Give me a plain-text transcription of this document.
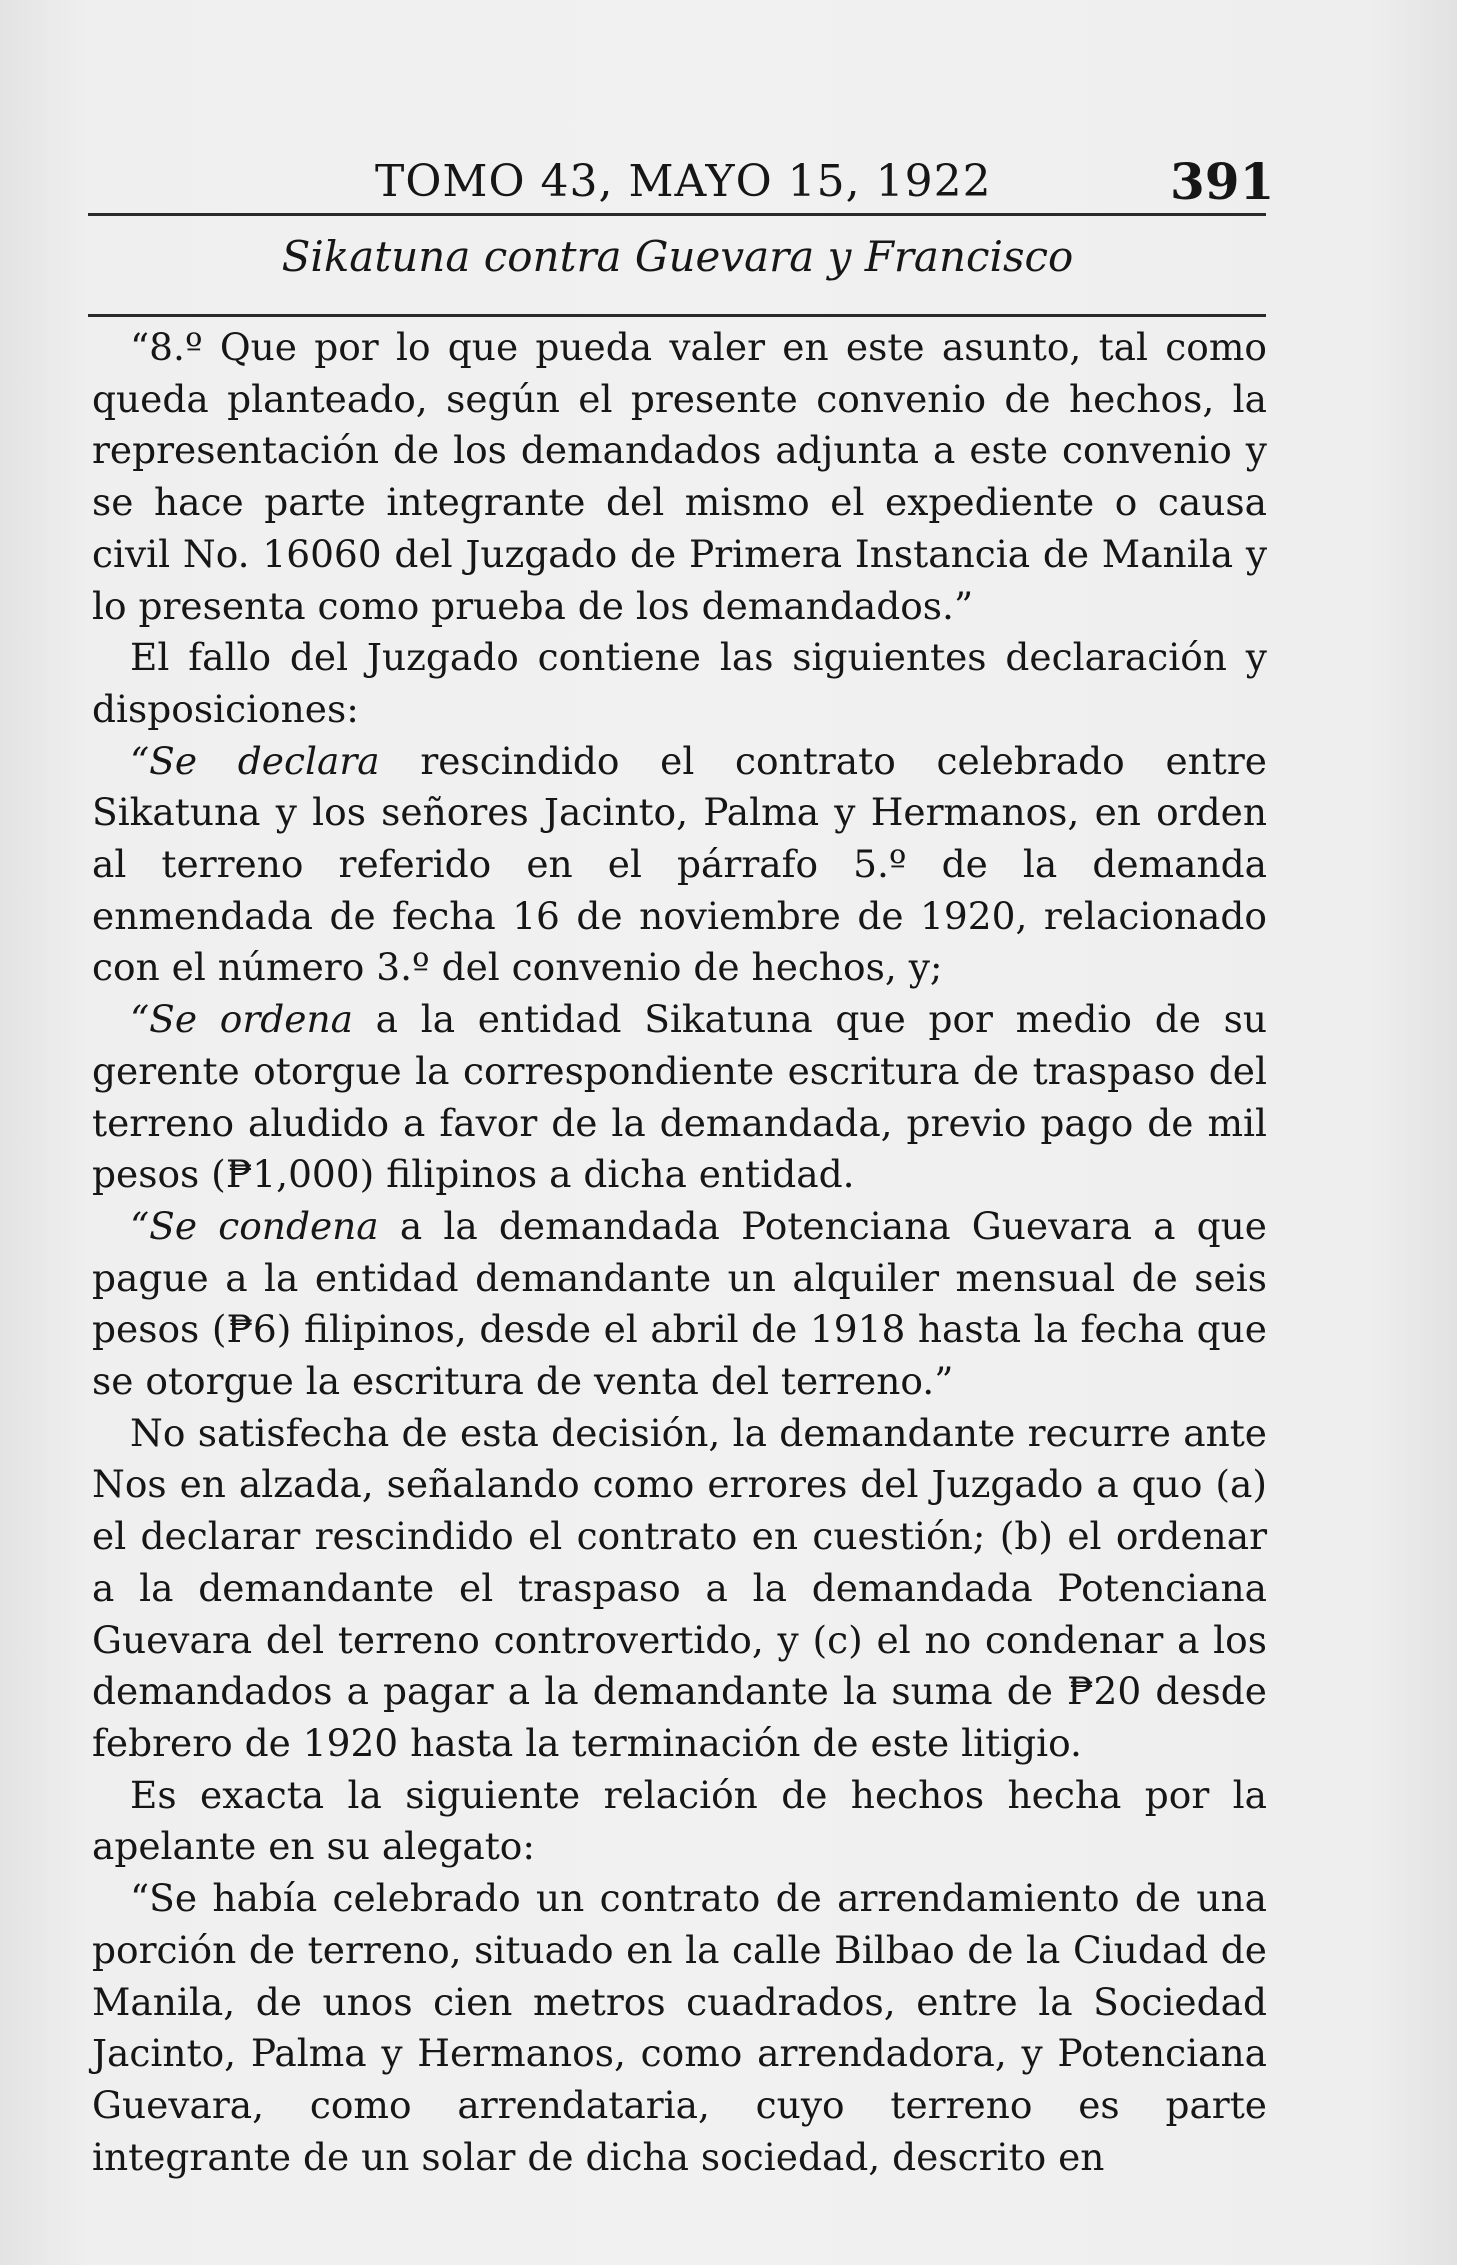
TOMO 43, MAYO 15, 1922	391
Sikatuna contra Guevara y Francisco

“8.º Que por lo que pueda valer en este asunto, tal como queda planteado, según el presente convenio de hechos, la representación de los demandados adjunta a este convenio y se hace parte integrante del mismo el expediente o causa civil No. 16060 del Juzgado de Primera Instancia de Manila y lo presenta como prueba de los demandados.”

El fallo del Juzgado contiene las siguientes declaración y disposiciones:

“Se declara rescindido el contrato celebrado entre Sikatuna y los señores Jacinto, Palma y Hermanos, en orden al terreno referido en el párrafo 5.º de la demanda enmendada de fecha 16 de noviembre de 1920, relacionado con el número 3.º del convenio de hechos, y;

“Se ordena a la entidad Sikatuna que por medio de su gerente otorgue la correspondiente escritura de traspaso del terreno aludido a favor de la demandada, previo pago de mil pesos (₱1,000) filipinos a dicha entidad.

“Se condena a la demandada Potenciana Guevara a que pague a la entidad demandante un alquiler mensual de seis pesos (₱6) filipinos, desde el abril de 1918 hasta la fecha que se otorgue la escritura de venta del terreno.”

No satisfecha de esta decisión, la demandante recurre ante Nos en alzada, señalando como errores del Juzgado a quo (a) el declarar rescindido el contrato en cuestión; (b) el ordenar a la demandante el traspaso a la demandada Potenciana Guevara del terreno controvertido, y (c) el no condenar a los demandados a pagar a la demandante la suma de ₱20 desde febrero de 1920 hasta la terminación de este litigio.

Es exacta la siguiente relación de hechos hecha por la apelante en su alegato:

“Se había celebrado un contrato de arrendamiento de una porción de terreno, situado en la calle Bilbao de la Ciudad de Manila, de unos cien metros cuadrados, entre la Sociedad Jacinto, Palma y Hermanos, como arrendadora, y Potenciana Guevara, como arrendataria, cuyo terreno es parte integrante de un solar de dicha sociedad, descrito en
